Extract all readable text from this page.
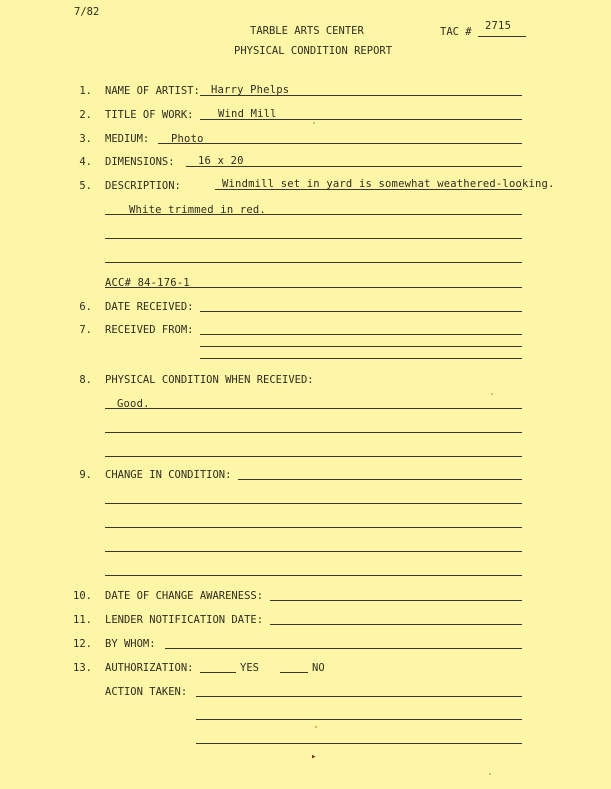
7/82
TARBLE ARTS CENTER	TAC # 2715
PHYSICAL CONDITION REPORT
1. NAME OF ARTIST: Harry Phelps
2. TITLE OF WORK: Wind Mill
3. MEDIUM: Photo
4. DIMENSIONS: 16 x 20
5. DESCRIPTION:	Windmill set in yard is somewhat weathered-looking.
White trimmed in red.
ACC# 84-176-1
6. DATE RECEIVED:
7. RECEIVED FROM:
8. PHYSICAL CONDITION WHEN RECEIVED:
Good.
9. CHANGE IN CONDITION:
10. DATE OF CHANGE AWARENESS:
11. LENDER NOTIFICATION DATE:
12. BY WHOM:
13. AUTHORIZATION:	YES	NO
ACTION TAKEN:
▸
